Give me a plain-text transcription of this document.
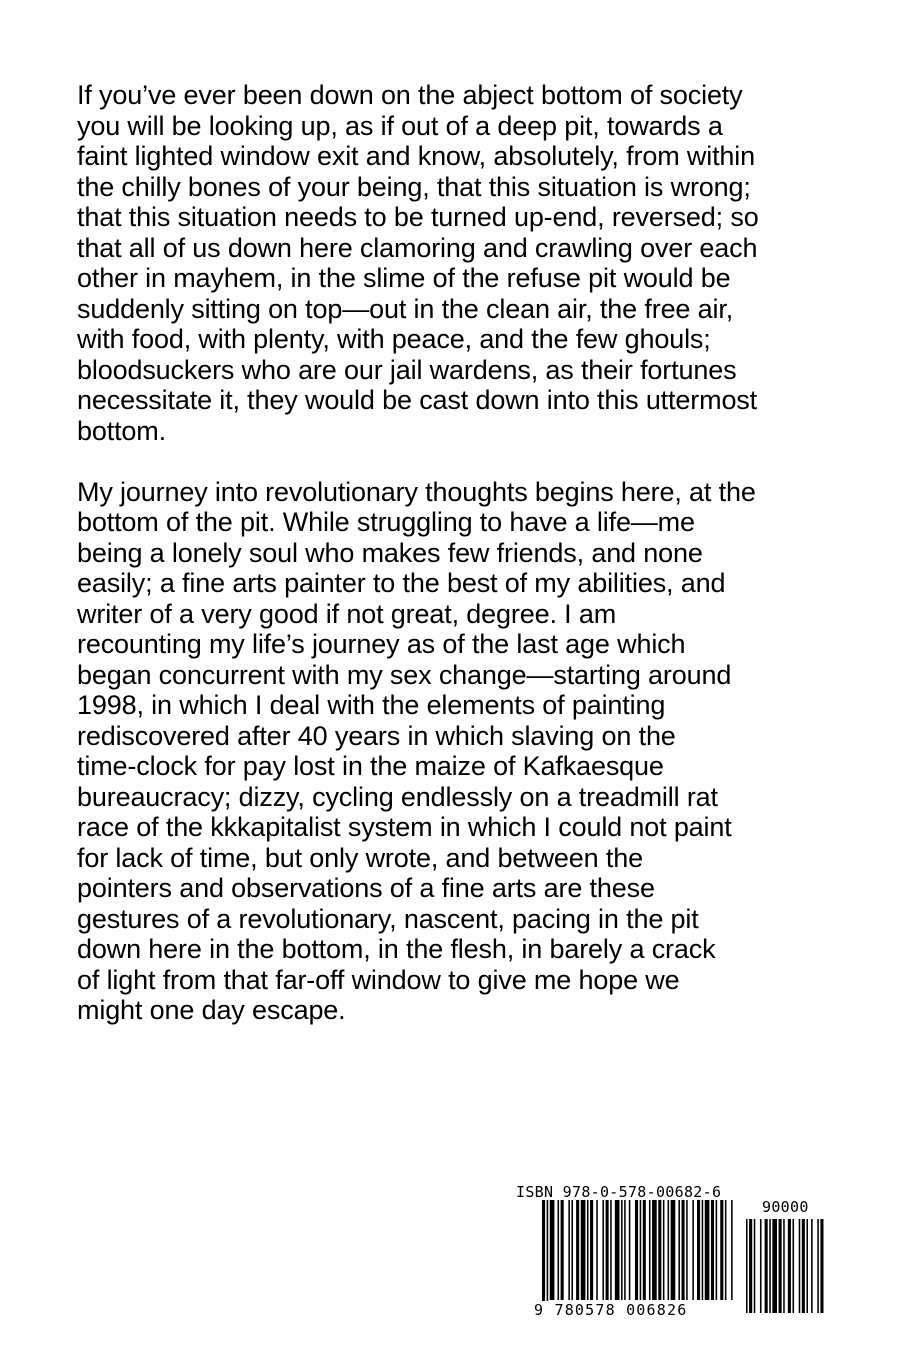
If you’ve ever been down on the abject bottom of society
you will be looking up, as if out of a deep pit, towards a
faint lighted window exit and know, absolutely, from within
the chilly bones of your being, that this situation is wrong;
that this situation needs to be turned up-end, reversed; so
that all of us down here clamoring and crawling over each
other in mayhem, in the slime of the refuse pit would be
suddenly sitting on top—out in the clean air, the free air,
with food, with plenty, with peace, and the few ghouls;
bloodsuckers who are our jail wardens, as their fortunes
necessitate it, they would be cast down into this uttermost
bottom.

My journey into revolutionary thoughts begins here, at the
bottom of the pit. While struggling to have a life—me
being a lonely soul who makes few friends, and none
easily; a fine arts painter to the best of my abilities, and
writer of a very good if not great, degree. I am
recounting my life’s journey as of the last age which
began concurrent with my sex change—starting around
1998, in which I deal with the elements of painting
rediscovered after 40 years in which slaving on the
time-clock for pay lost in the maize of Kafkaesque
bureaucracy; dizzy, cycling endlessly on a treadmill rat
race of the kkkapitalist system in which I could not paint
for lack of time, but only wrote, and between the
pointers and observations of a fine arts are these
gestures of a revolutionary, nascent, pacing in the pit
down here in the bottom, in the flesh, in barely a crack
of light from that far-off window to give me hope we
might one day escape.

ISBN 978-0-578-00682-6
90000
9 780578 006826
